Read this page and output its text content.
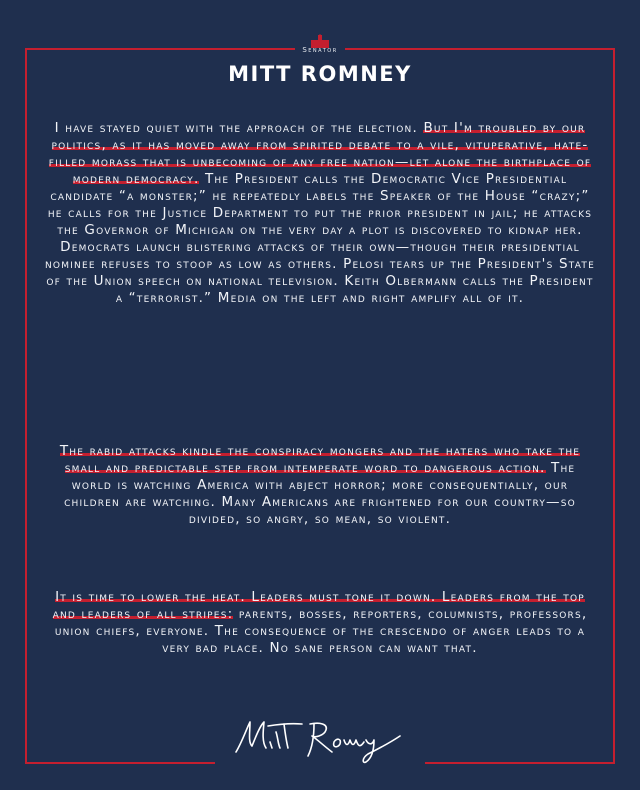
Senator
MITT ROMNEY
I have stayed quiet with the approach of the election. But I'm troubled by our politics, as it has moved away from spirited debate to a vile, vituperative, hate-filled morass that is unbecoming of any free nation—let alone the birthplace of modern democracy. The President calls the Democratic Vice Presidential candidate “a monster;” he repeatedly labels the Speaker of the House “crazy;” he calls for the Justice Department to put the prior president in jail; he attacks the Governor of Michigan on the very day a plot is discovered to kidnap her. Democrats launch blistering attacks of their own—though their presidential nominee refuses to stoop as low as others. Pelosi tears up the President's State of the Union speech on national television. Keith Olbermann calls the President a “terrorist.” Media on the left and right amplify all of it.
The rabid attacks kindle the conspiracy mongers and the haters who take the small and predictable step from intemperate word to dangerous action. The world is watching America with abject horror; more consequentially, our children are watching. Many Americans are frightened for our country—so divided, so angry, so mean, so violent.
It is time to lower the heat. Leaders must tone it down. Leaders from the top and leaders of all stripes: parents, bosses, reporters, columnists, professors, union chiefs, everyone. The consequence of the crescendo of anger leads to a very bad place. No sane person can want that.
